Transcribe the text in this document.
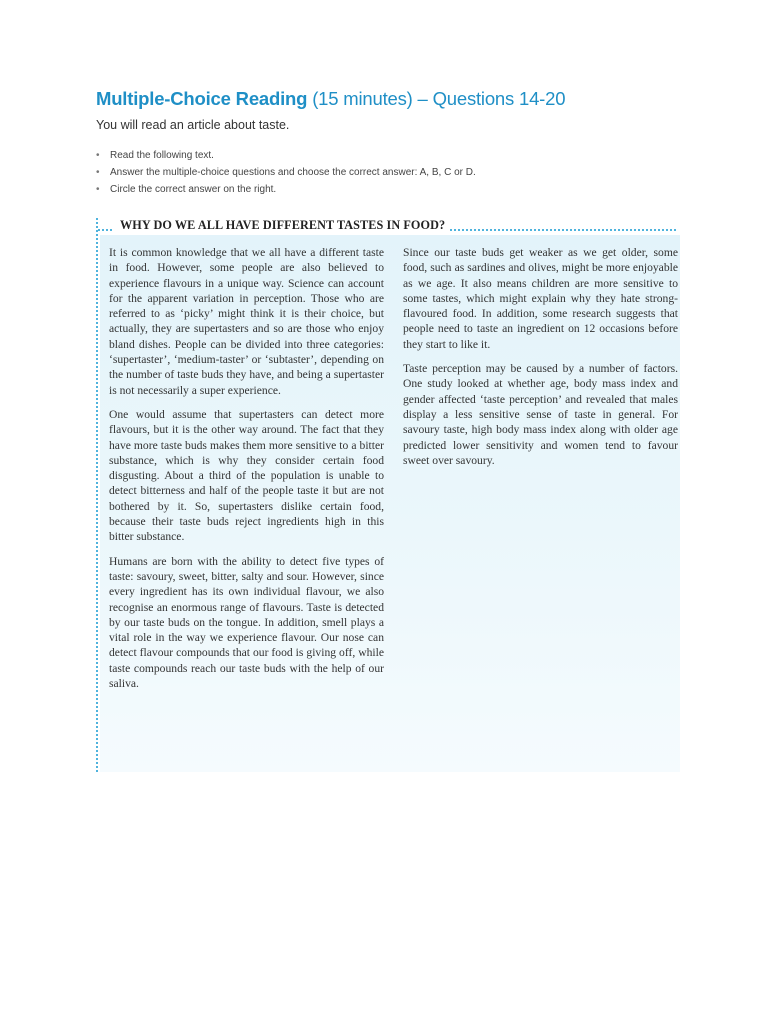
Multiple-Choice Reading (15 minutes) – Questions 14-20

You will read an article about taste.

• Read the following text.
• Answer the multiple-choice questions and choose the correct answer: A, B, C or D.
• Circle the correct answer on the right.
WHY DO WE ALL HAVE DIFFERENT TASTES IN FOOD?

It is common knowledge that we all have a different taste in food. However, some people are also believed to experience flavours in a unique way. Science can account for the apparent variation in perception. Those who are referred to as ‘picky’ might think it is their choice, but actually, they are supertasters and so are those who enjoy bland dishes. People can be divided into three categories: ‘supertaster’, ‘medium-taster’ or ‘subtaster’, depending on the number of taste buds they have, and being a supertaster is not necessarily a super experience.

One would assume that supertasters can detect more flavours, but it is the other way around. The fact that they have more taste buds makes them more sensitive to a bitter substance, which is why they consider certain food disgusting. About a third of the population is unable to detect bitterness and half of the people taste it but are not bothered by it. So, supertasters dislike certain food, because their taste buds reject ingredients high in this bitter substance.

Humans are born with the ability to detect five types of taste: savoury, sweet, bitter, salty and sour. However, since every ingredient has its own individual flavour, we also recognise an enormous range of flavours. Taste is detected by our taste buds on the tongue. In addition, smell plays a vital role in the way we experience flavour. Our nose can detect flavour compounds that our food is giving off, while taste compounds reach our taste buds with the help of our saliva.

Since our taste buds get weaker as we get older, some food, such as sardines and olives, might be more enjoyable as we age. It also means children are more sensitive to some tastes, which might explain why they hate strong-flavoured food. In addition, some research suggests that people need to taste an ingredient on 12 occasions before they start to like it.

Taste perception may be caused by a number of factors. One study looked at whether age, body mass index and gender affected ‘taste perception’ and revealed that males display a less sensitive sense of taste in general. For savoury taste, high body mass index along with older age predicted lower sensitivity and women tend to favour sweet over savoury.
